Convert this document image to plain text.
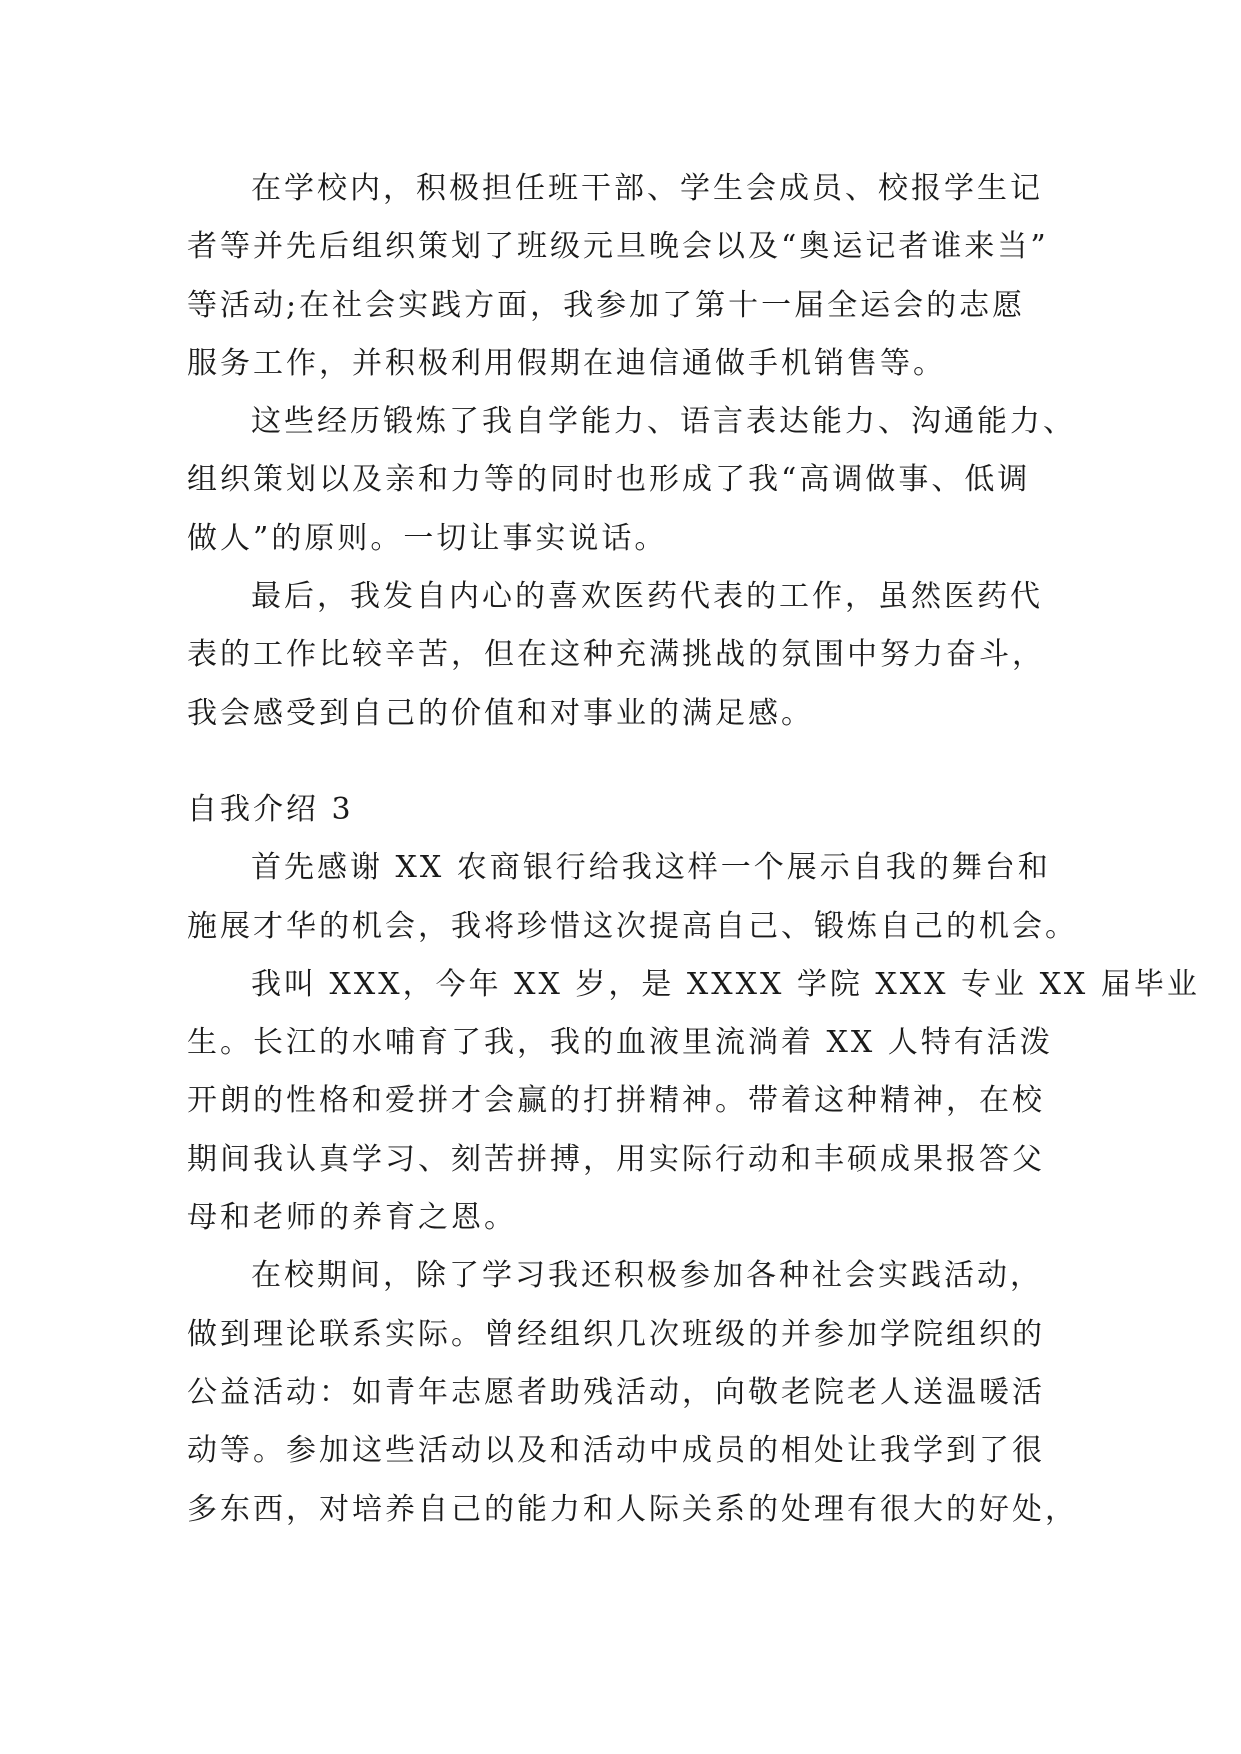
在学校内，积极担任班干部、学生会成员、校报学生记
者等并先后组织策划了班级元旦晚会以及“奥运记者谁来当”
等活动;在社会实践方面，我参加了第十一届全运会的志愿
服务工作，并积极利用假期在迪信通做手机销售等。
这些经历锻炼了我自学能力、语言表达能力、沟通能力、
组织策划以及亲和力等的同时也形成了我“高调做事、低调
做人”的原则。一切让事实说话。
最后，我发自内心的喜欢医药代表的工作，虽然医药代
表的工作比较辛苦，但在这种充满挑战的氛围中努力奋斗，
我会感受到自己的价值和对事业的满足感。
自我介绍 3
首先感谢 XX 农商银行给我这样一个展示自我的舞台和
施展才华的机会，我将珍惜这次提高自己、锻炼自己的机会。
我叫 XXX，今年 XX 岁，是 XXXX 学院 XXX 专业 XX 届毕业
生。长江的水哺育了我，我的血液里流淌着 XX 人特有活泼
开朗的性格和爱拼才会赢的打拼精神。带着这种精神，在校
期间我认真学习、刻苦拼搏，用实际行动和丰硕成果报答父
母和老师的养育之恩。
在校期间，除了学习我还积极参加各种社会实践活动，
做到理论联系实际。曾经组织几次班级的并参加学院组织的
公益活动：如青年志愿者助残活动，向敬老院老人送温暖活
动等。参加这些活动以及和活动中成员的相处让我学到了很
多东西，对培养自己的能力和人际关系的处理有很大的好处，
